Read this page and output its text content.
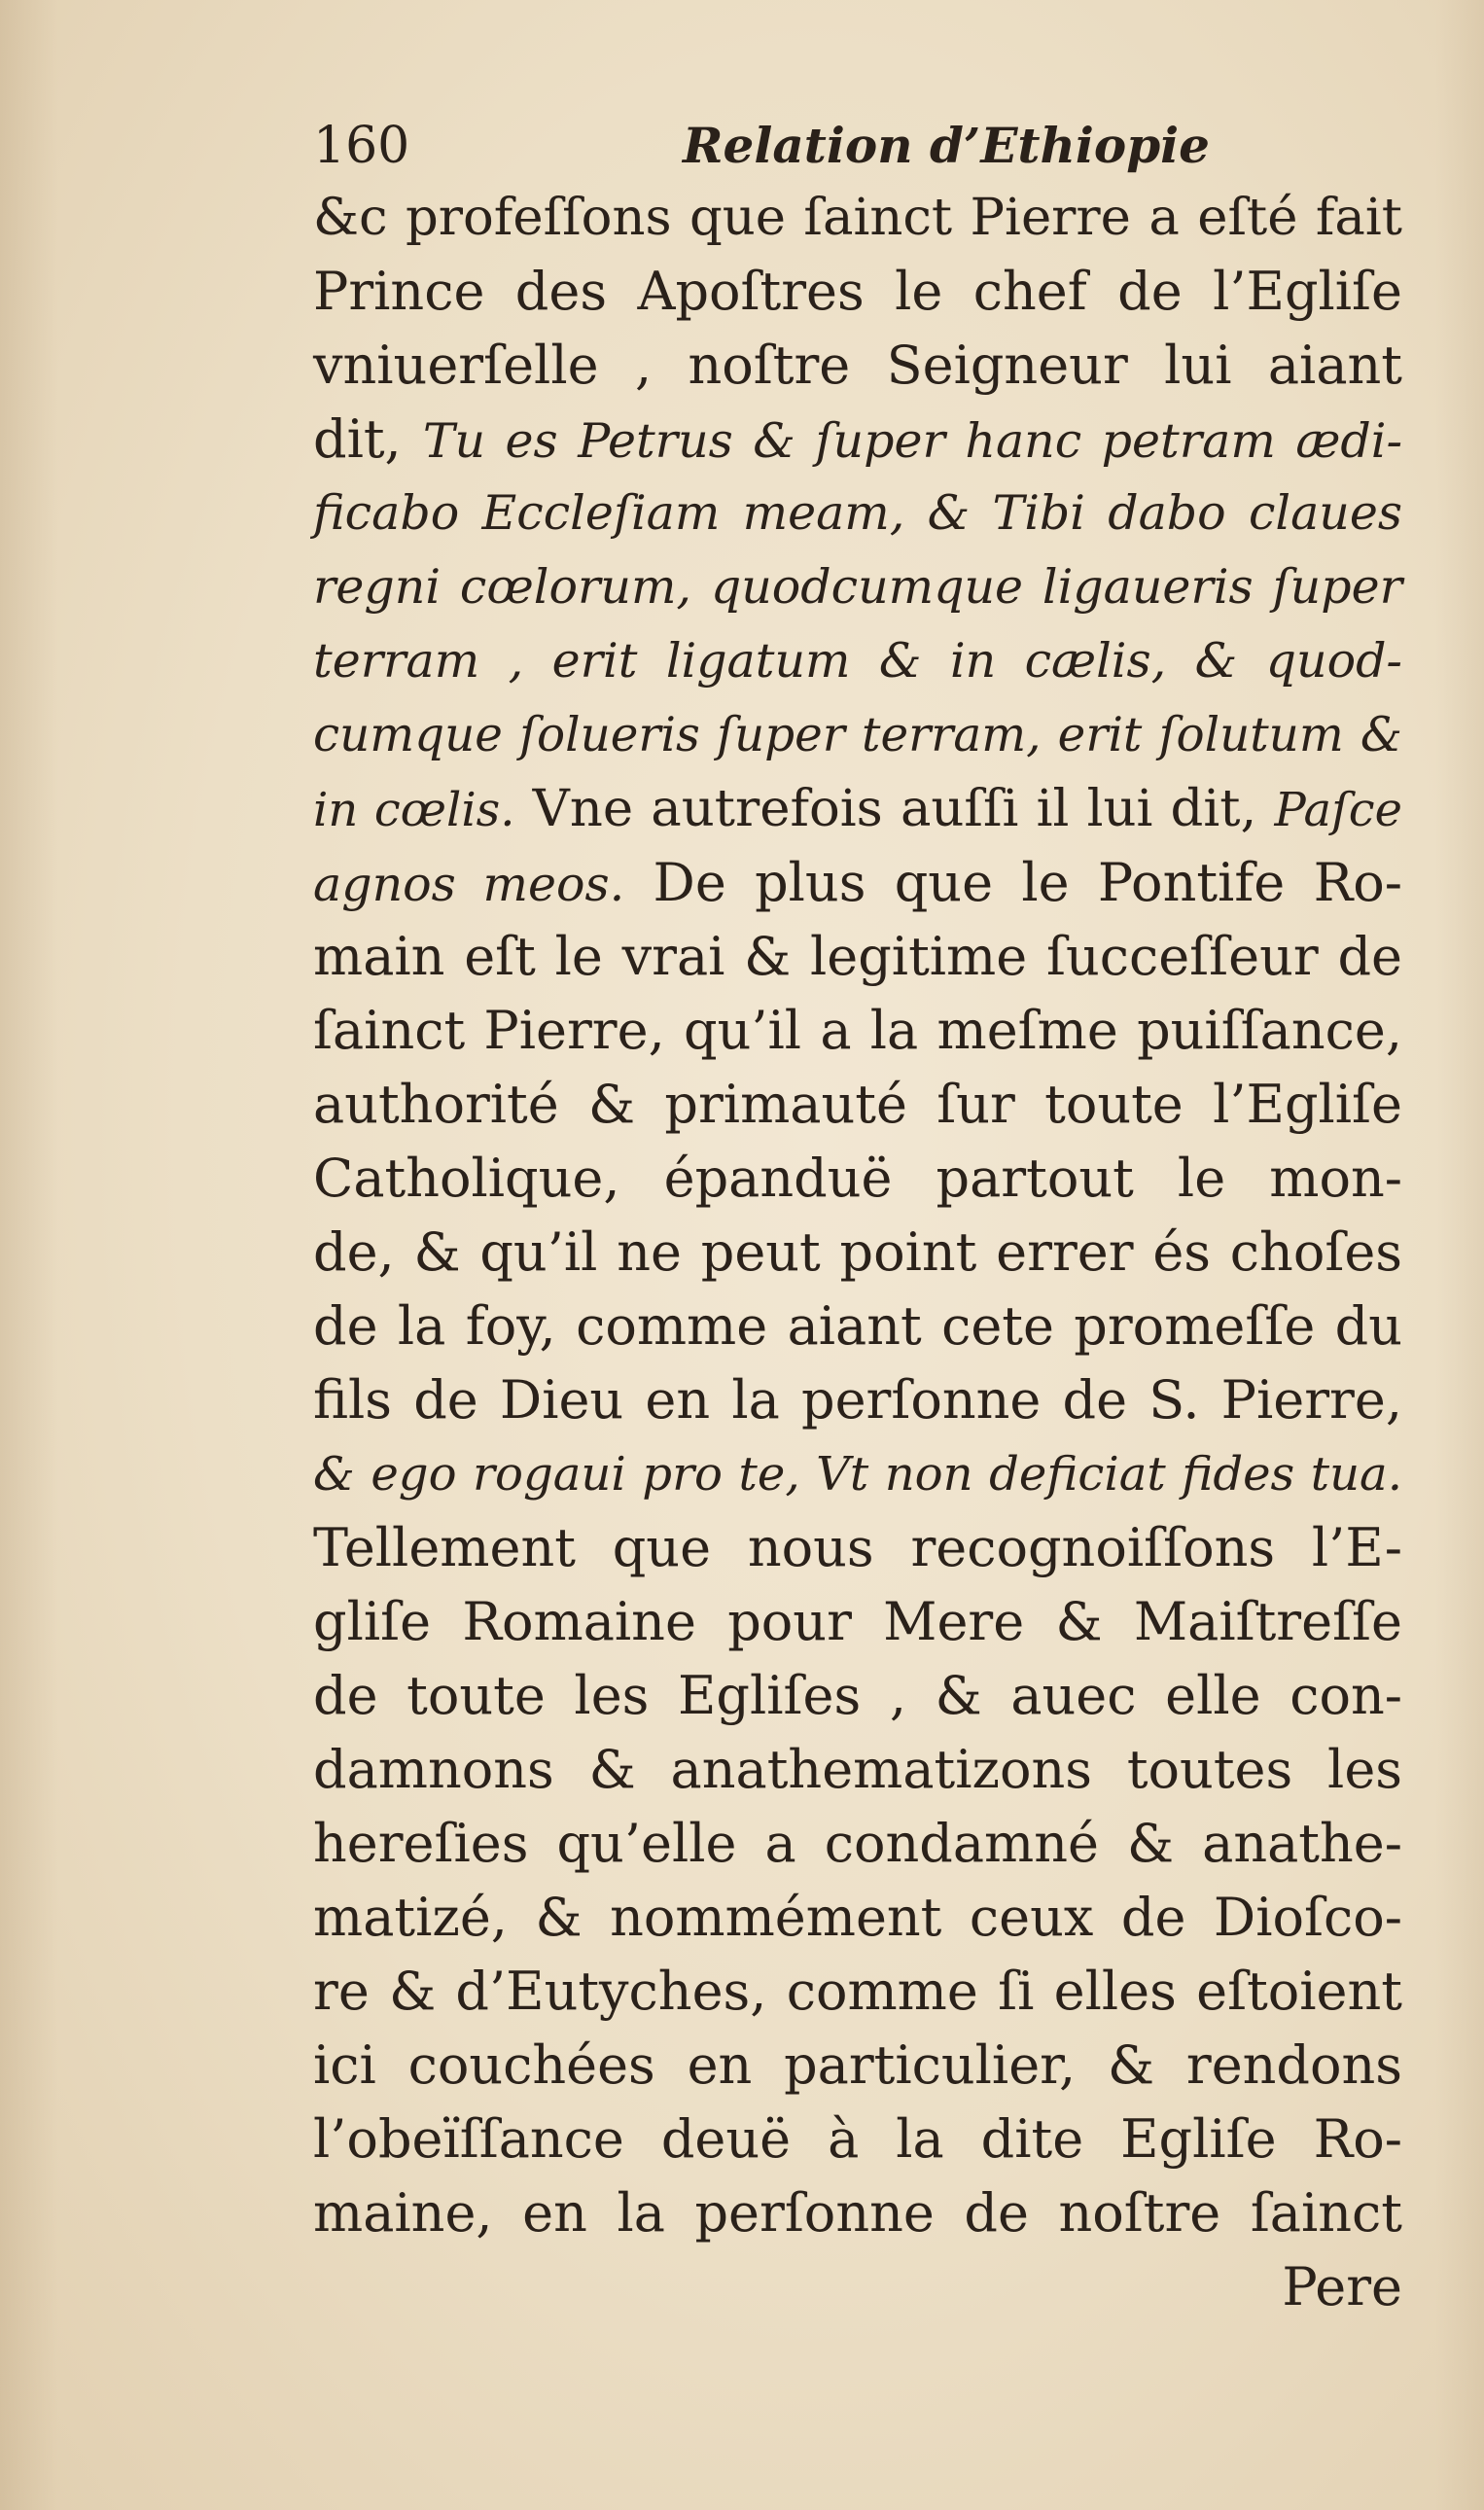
160	Relation d’Ethiopie
&c profeſſons que ſainct Pierre a eſté fait
Prince des Apoſtres le chef de l’Egliſe
vniuerſelle , noſtre Seigneur lui aiant
dit, Tu es Petrus & ſuper hanc petram ædi-
ficabo Eccleſiam meam, & Tibi dabo claues
regni cœlorum, quodcumque ligaueris ſuper
terram , erit ligatum & in cælis, & quod-
cumque ſolueris ſuper terram, erit ſolutum &
in cœlis. Vne autrefois auſſi il lui dit, Paſce
agnos meos. De plus que le Pontife Ro-
main eſt le vrai & legitime ſucceſſeur de
ſainct Pierre, qu’il a la meſme puiſſance,
authorité & primauté ſur toute l’Egliſe
Catholique, épanduë partout le mon-
de, & qu’il ne peut point errer és choſes
de la foy, comme aiant cete promeſſe du
fils de Dieu en la perſonne de S. Pierre,
& ego rogaui pro te, Vt non deficiat fides tua.
Tellement que nous recognoiſſons l’E-
gliſe Romaine pour Mere & Maiſtreſſe
de toute les Egliſes , & auec elle con-
damnons & anathematizons toutes les
hereſies qu’elle a condamné & anathe-
matizé, & nommément ceux de Dioſco-
re & d’Eutyches, comme ſi elles eſtoient
ici couchées en particulier, & rendons
l’obeïſſance deuë à la dite Egliſe Ro-
maine, en la perſonne de noſtre ſainct
Pere
